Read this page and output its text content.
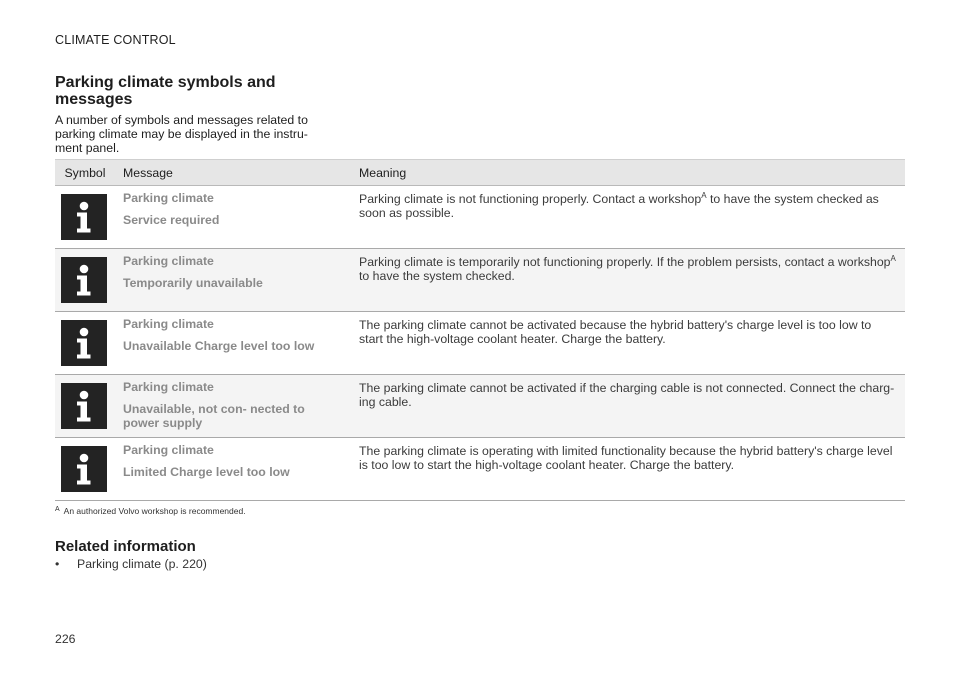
CLIMATE CONTROL
Parking climate symbols and messages
A number of symbols and messages related to parking climate may be displayed in the instru- ment panel.
Symbol	Message	Meaning

Parking climate
Service required	Parking climate is not functioning properly. Contact a workshop$^A$ to have the system checked as soon as possible.

Parking climate
Temporarily unavailable	Parking climate is temporarily not functioning properly. If the problem persists, contact a workshop$^A$ to have the system checked.

Parking climate
Unavailable Charge level too low	The parking climate cannot be activated because the hybrid battery's charge level is too low to start the high-voltage coolant heater. Charge the battery.

Parking climate
Unavailable, not con- nected to power supply	The parking climate cannot be activated if the charging cable is not connected. Connect the charg- ing cable.

Parking climate
Limited Charge level too low	The parking climate is operating with limited functionality because the hybrid battery's charge level is too low to start the high-voltage coolant heater. Charge the battery.
$^A$ An authorized Volvo workshop is recommended.
Related information
• Parking climate (p. 220)
226
